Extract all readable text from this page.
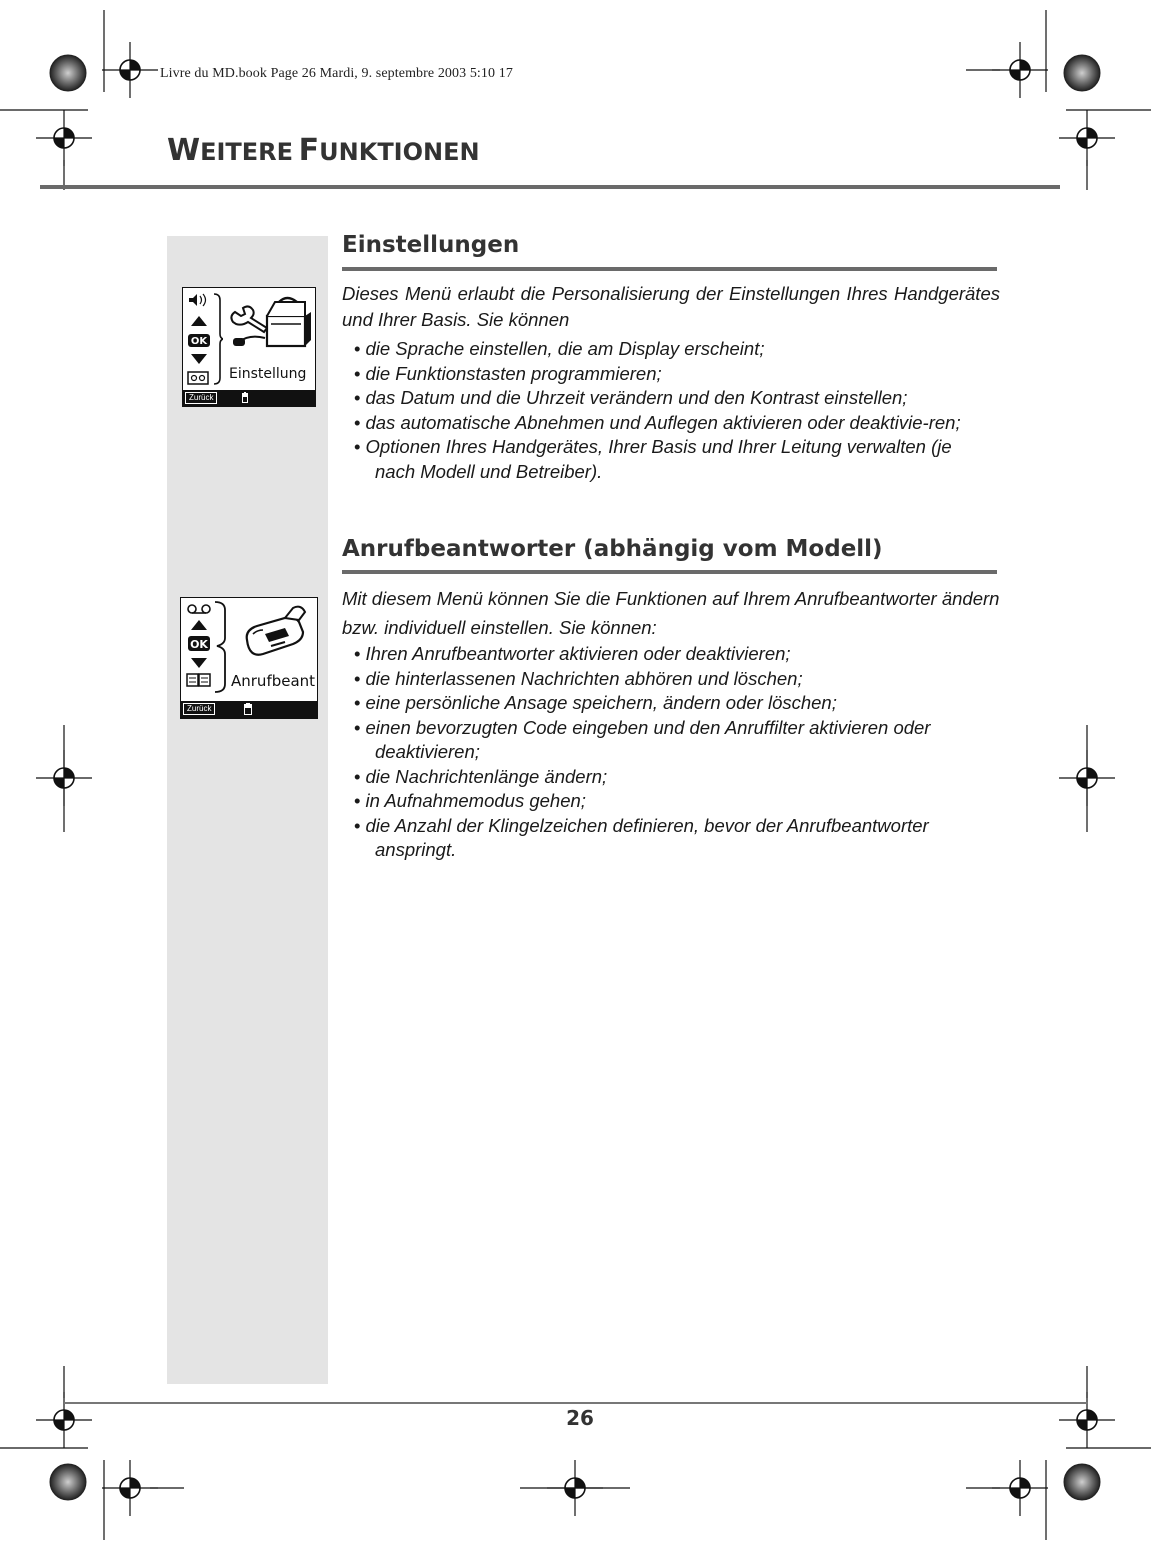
Livre du MD.book Page 26 Mardi, 9. septembre 2003 5:10 17
WEITERE FUNKTIONEN
OK
Einstellung
Zurück
Einstellungen
Dieses Menü erlaubt die Personalisierung der Einstellungen Ihres Handgerätes und Ihrer Basis. Sie können
• die Sprache einstellen, die am Display erscheint;
• die Funktionstasten programmieren;
• das Datum und die Uhrzeit verändern und den Kontrast einstellen;
• das automatische Abnehmen und Auflegen aktivieren oder deaktivie-ren;
• Optionen Ihres Handgerätes, Ihrer Basis und Ihrer Leitung verwalten (je nach Modell und Betreiber).
OK
Anrufbeant
Zurück
Anrufbeantworter (abhängig vom Modell)
Mit diesem Menü können Sie die Funktionen auf Ihrem Anrufbeantworter ändern bzw. individuell einstellen. Sie können:
• Ihren Anrufbeantworter aktivieren oder deaktivieren;
• die hinterlassenen Nachrichten abhören und löschen;
• eine persönliche Ansage speichern, ändern oder löschen;
• einen bevorzugten Code eingeben und den Anruffilter aktivieren oder deaktivieren;
• die Nachrichtenlänge ändern;
• in Aufnahmemodus gehen;
• die Anzahl der Klingelzeichen definieren, bevor der Anrufbeantworter anspringt.
26
